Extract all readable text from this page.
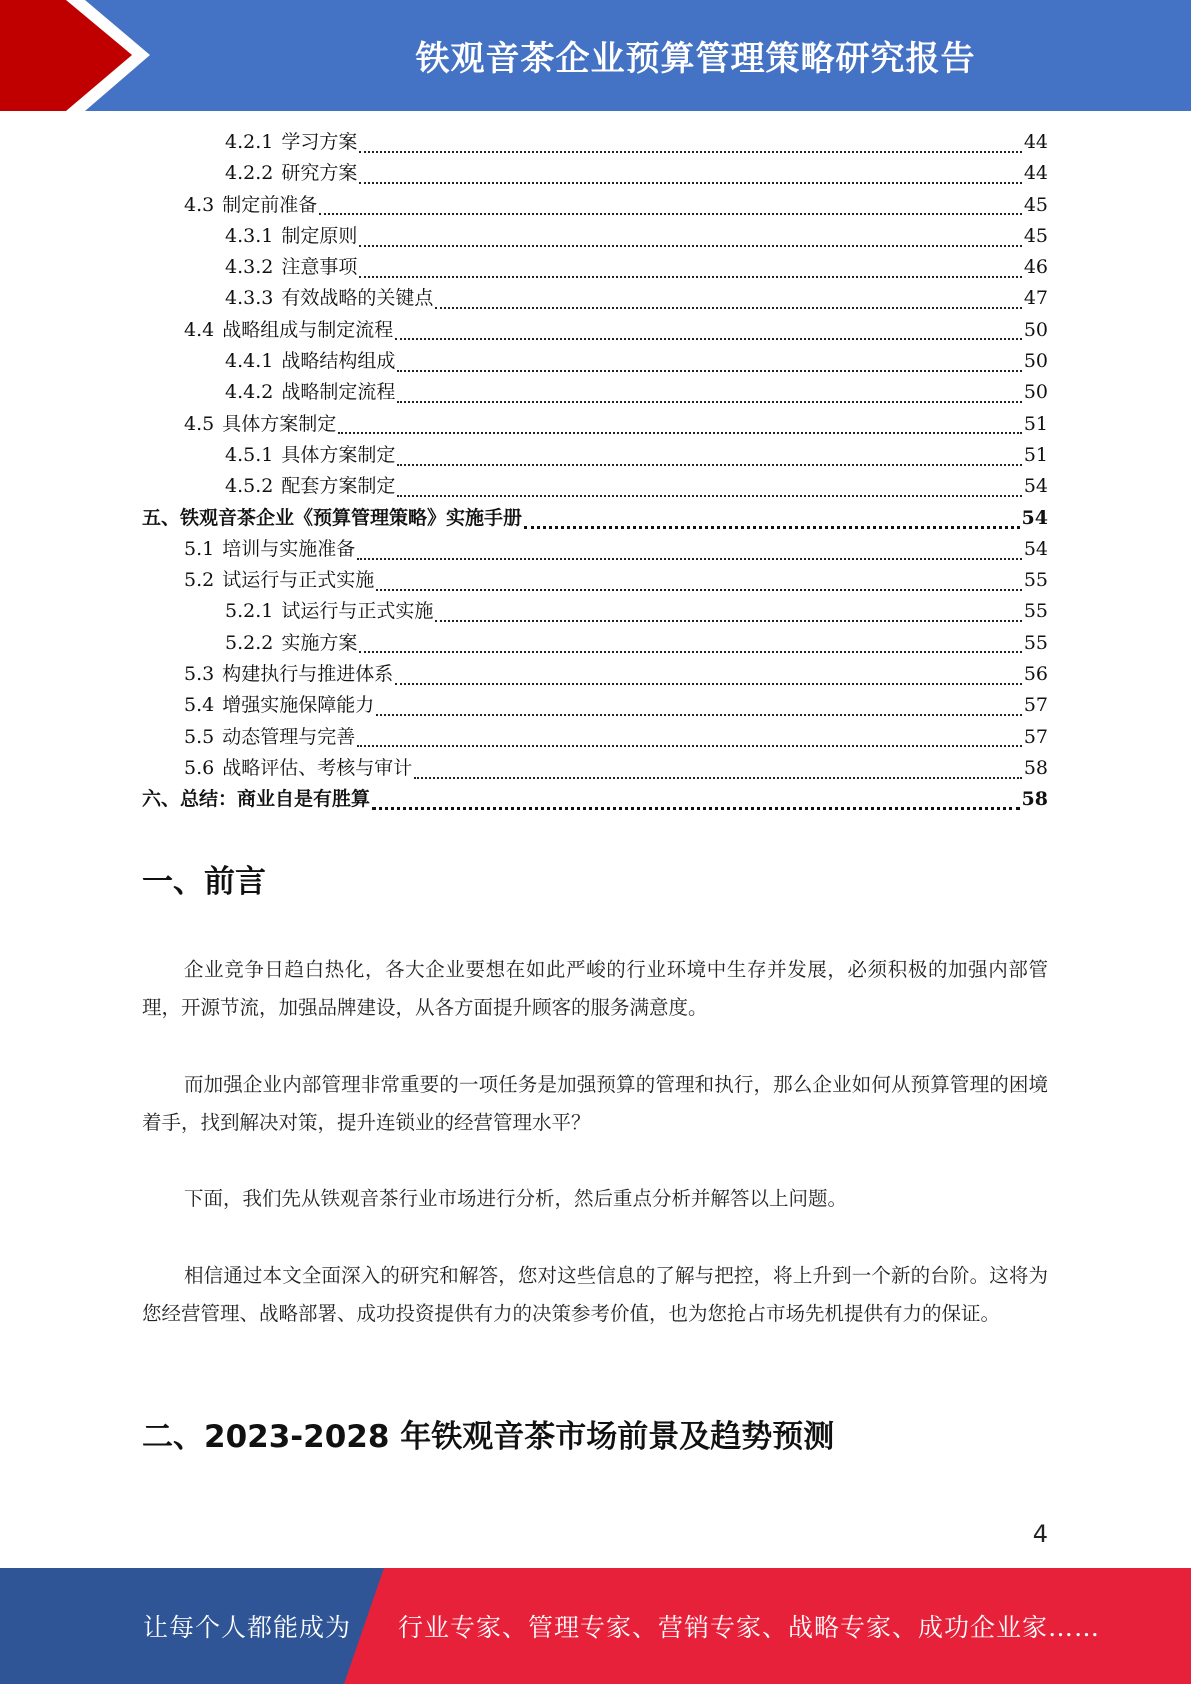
铁观音茶企业预算管理策略研究报告
4.2.1 学习方案	44
4.2.2 研究方案	44
4.3 制定前准备	45
4.3.1 制定原则	45
4.3.2 注意事项	46
4.3.3 有效战略的关键点	47
4.4 战略组成与制定流程	50
4.4.1 战略结构组成	50
4.4.2 战略制定流程	50
4.5 具体方案制定	51
4.5.1 具体方案制定	51
4.5.2 配套方案制定	54
五、 铁观音茶企业《预算管理策略》实施手册	54
5.1 培训与实施准备	54
5.2 试运行与正式实施	55
5.2.1 试运行与正式实施	55
5.2.2 实施方案	55
5.3 构建执行与推进体系	56
5.4 增强实施保障能力	57
5.5 动态管理与完善	57
5.6 战略评估、考核与审计	58
六、 总结：商业自是有胜算	58
一、前言
企业竞争日趋白热化，各大企业要想在如此严峻的行业环境中生存并发展，必须积极的加强内部管理，开源节流，加强品牌建设，从各方面提升顾客的服务满意度。
而加强企业内部管理非常重要的一项任务是加强预算的管理和执行，那么企业如何从预算管理的困境着手，找到解决对策，提升连锁业的经营管理水平？
下面，我们先从铁观音茶行业市场进行分析，然后重点分析并解答以上问题。
相信通过本文全面深入的研究和解答，您对这些信息的了解与把控，将上升到一个新的台阶。这将为您经营管理、战略部署、成功投资提供有力的决策参考价值，也为您抢占市场先机提供有力的保证。
二、2023-2028 年铁观音茶市场前景及趋势预测
4
让每个人都能成为 行业专家、管理专家、营销专家、战略专家、成功企业家……
